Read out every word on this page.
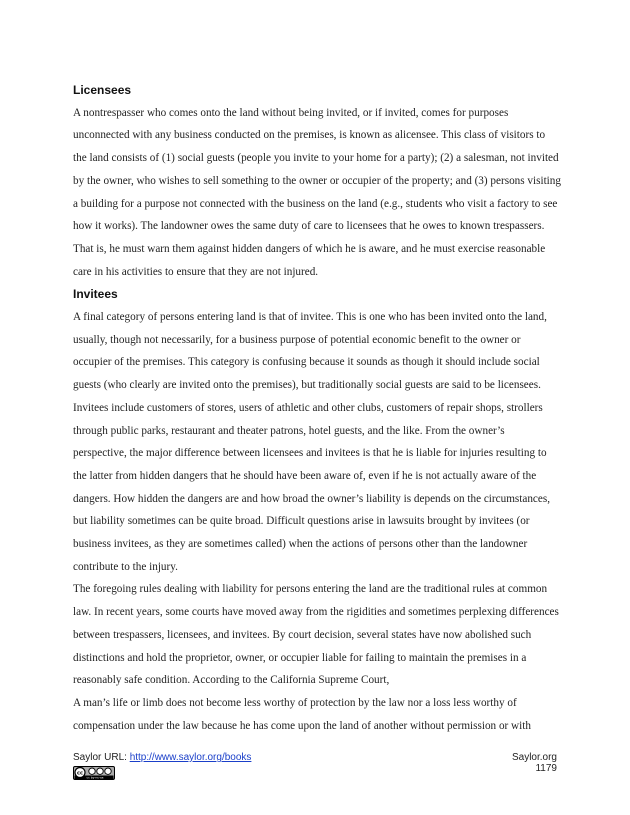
Licensees

A nontrespasser who comes onto the land without being invited, or if invited, comes for purposes unconnected with any business conducted on the premises, is known as alicensee. This class of visitors to the land consists of (1) social guests (people you invite to your home for a party); (2) a salesman, not invited by the owner, who wishes to sell something to the owner or occupier of the property; and (3) persons visiting a building for a purpose not connected with the business on the land (e.g., students who visit a factory to see how it works). The landowner owes the same duty of care to licensees that he owes to known trespassers. That is, he must warn them against hidden dangers of which he is aware, and he must exercise reasonable care in his activities to ensure that they are not injured.

Invitees

A final category of persons entering land is that of invitee. This is one who has been invited onto the land, usually, though not necessarily, for a business purpose of potential economic benefit to the owner or occupier of the premises. This category is confusing because it sounds as though it should include social guests (who clearly are invited onto the premises), but traditionally social guests are said to be licensees. Invitees include customers of stores, users of athletic and other clubs, customers of repair shops, strollers through public parks, restaurant and theater patrons, hotel guests, and the like. From the owner’s perspective, the major difference between licensees and invitees is that he is liable for injuries resulting to the latter from hidden dangers that he should have been aware of, even if he is not actually aware of the dangers. How hidden the dangers are and how broad the owner’s liability is depends on the circumstances, but liability sometimes can be quite broad. Difficult questions arise in lawsuits brought by invitees (or business invitees, as they are sometimes called) when the actions of persons other than the landowner contribute to the injury.

The foregoing rules dealing with liability for persons entering the land are the traditional rules at common law. In recent years, some courts have moved away from the rigidities and sometimes perplexing differences between trespassers, licensees, and invitees. By court decision, several states have now abolished such distinctions and hold the proprietor, owner, or occupier liable for failing to maintain the premises in a reasonably safe condition. According to the California Supreme Court,

A man’s life or limb does not become less worthy of protection by the law nor a loss less worthy of compensation under the law because he has come upon the land of another without permission or with

Saylor URL: http://www.saylor.org/books
cc
cc by-nc-sa
Saylor.org
1179
